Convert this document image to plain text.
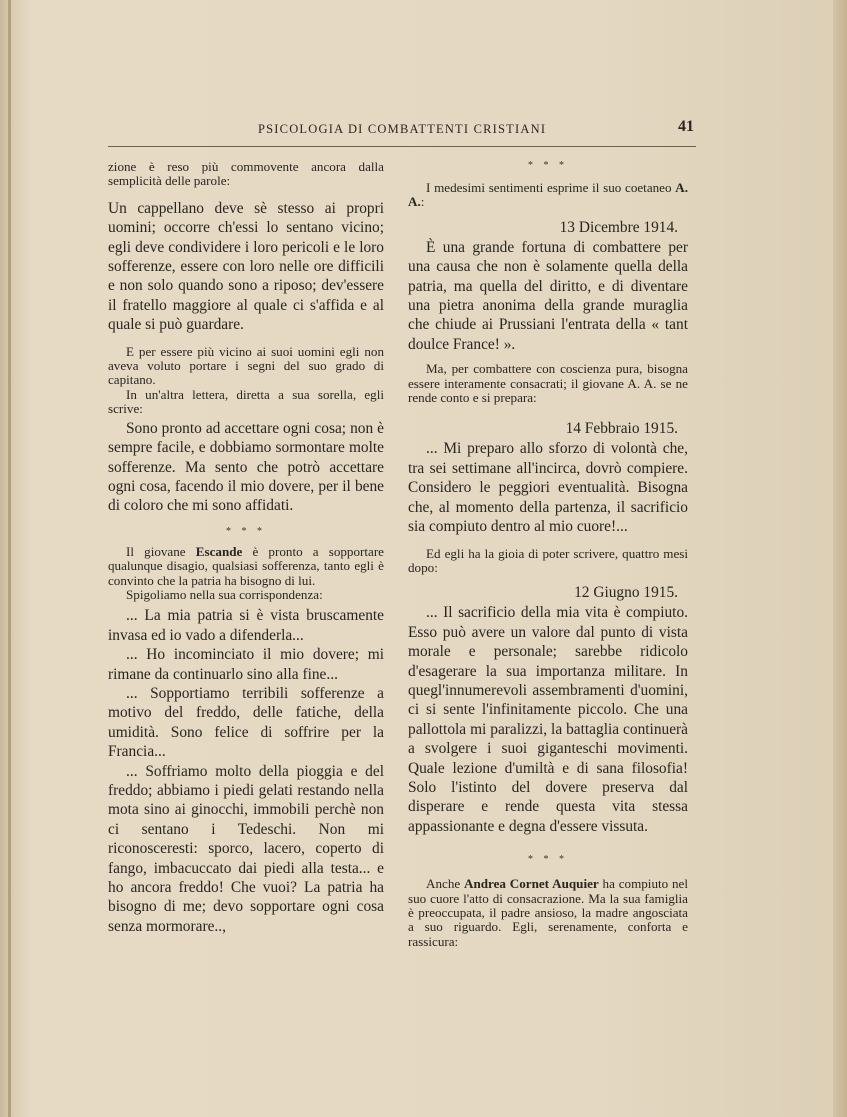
PSICOLOGIA DI COMBATTENTI CRISTIANI	41

zione è reso più commovente ancora dalla semplicità delle parole:

Un cappellano deve sè stesso ai propri uomini; occorre ch'essi lo sentano vicino; egli deve condividere i loro pericoli e le loro sofferenze, essere con loro nelle ore difficili e non solo quando sono a riposo; dev'essere il fratello maggiore al quale ci s'affida e al quale si può guardare.

E per essere più vicino ai suoi uomini egli non aveva voluto portare i segni del suo grado di capitano.

In un'altra lettera, diretta a sua sorella, egli scrive:

Sono pronto ad accettare ogni cosa; non è sempre facile, e dobbiamo sormontare molte sofferenze. Ma sento che potrò accettare ogni cosa, facendo il mio dovere, per il bene di coloro che mi sono affidati.

* * *

Il giovane Escande è pronto a sopportare qualunque disagio, qualsiasi sofferenza, tanto egli è convinto che la patria ha bisogno di lui.

Spigoliamo nella sua corrispondenza:

... La mia patria si è vista bruscamente invasa ed io vado a difenderla...

... Ho incominciato il mio dovere; mi rimane da continuarlo sino alla fine...

... Sopportiamo terribili sofferenze a motivo del freddo, delle fatiche, della umidità. Sono felice di soffrire per la Francia...

... Soffriamo molto della pioggia e del freddo; abbiamo i piedi gelati restando nella mota sino ai ginocchi, immobili perchè non ci sentano i Tedeschi. Non mi riconosceresti: sporco, lacero, coperto di fango, imbacuccato dai piedi alla testa... e ho ancora freddo! Che vuoi? La patria ha bisogno di me; devo sopportare ogni cosa senza mormorare..,

* * *

I medesimi sentimenti esprime il suo coetaneo A. A.:

13 Dicembre 1914.

È una grande fortuna di combattere per una causa che non è solamente quella della patria, ma quella del diritto, e di diventare una pietra anonima della grande muraglia che chiude ai Prussiani l'entrata della « tant doulce France! ».

Ma, per combattere con coscienza pura, bisogna essere interamente consacrati; il giovane A. A. se ne rende conto e si prepara:

14 Febbraio 1915.

... Mi preparo allo sforzo di volontà che, tra sei settimane all'incirca, dovrò compiere. Considero le peggiori eventualità. Bisogna che, al momento della partenza, il sacrificio sia compiuto dentro al mio cuore!...

Ed egli ha la gioia di poter scrivere, quattro mesi dopo:

12 Giugno 1915.

... Il sacrificio della mia vita è compiuto. Esso può avere un valore dal punto di vista morale e personale; sarebbe ridicolo d'esagerare la sua importanza militare. In quegl'innumerevoli assembramenti d'uomini, ci si sente l'infinitamente piccolo. Che una pallottola mi paralizzi, la battaglia continuerà a svolgere i suoi giganteschi movimenti. Quale lezione d'umiltà e di sana filosofia! Solo l'istinto del dovere preserva dal disperare e rende questa vita stessa appassionante e degna d'essere vissuta.

* * *

Anche Andrea Cornet Auquier ha compiuto nel suo cuore l'atto di consacrazione. Ma la sua famiglia è preoccupata, il padre ansioso, la madre angosciata a suo riguardo. Egli, serenamente, conforta e rassicura:
